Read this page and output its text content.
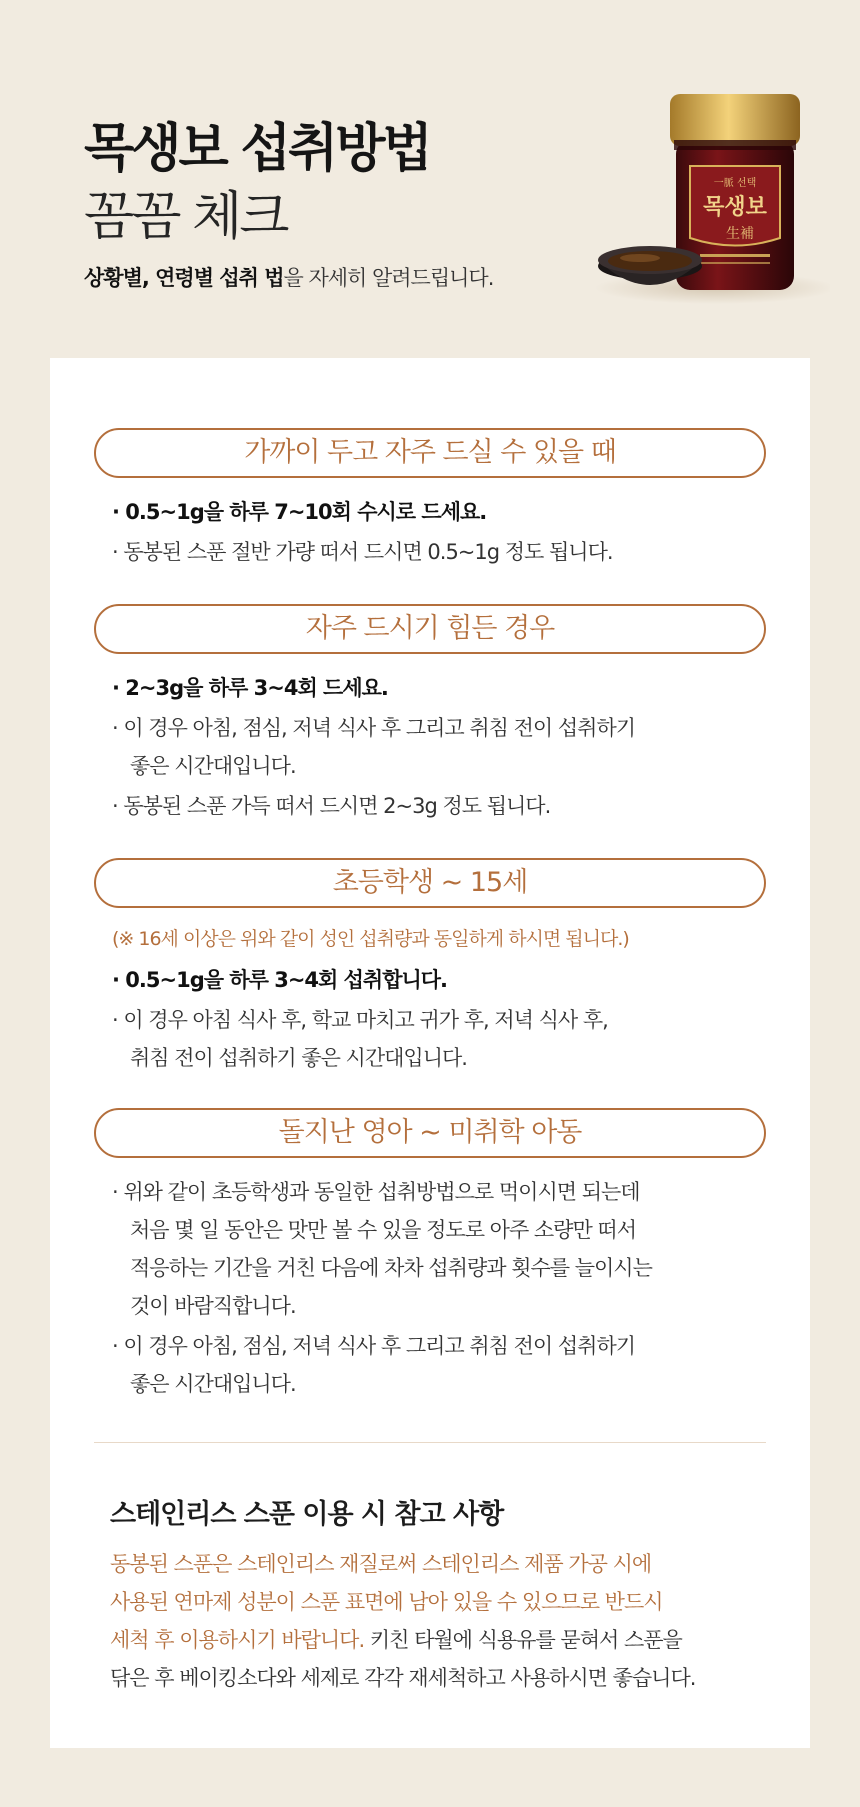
목생보 섭취방법
꼼꼼 체크
상황별, 연령별 섭취 법을 자세히 알려드립니다.
一脈 선택
목생보
生補
가까이 두고 자주 드실 수 있을 때
· 0.5~1g을 하루 7~10회 수시로 드세요.
· 동봉된 스푼 절반 가량 떠서 드시면 0.5~1g 정도 됩니다.
자주 드시기 힘든 경우
· 2~3g을 하루 3~4회 드세요.
· 이 경우 아침, 점심, 저녁 식사 후 그리고 취침 전이 섭취하기
좋은 시간대입니다.
· 동봉된 스푼 가득 떠서 드시면 2~3g 정도 됩니다.
초등학생 ~ 15세
(※ 16세 이상은 위와 같이 성인 섭취량과 동일하게 하시면 됩니다.)
· 0.5~1g을 하루 3~4회 섭취합니다.
· 이 경우 아침 식사 후, 학교 마치고 귀가 후, 저녁 식사 후,
취침 전이 섭취하기 좋은 시간대입니다.
돌지난 영아 ~ 미취학 아동
· 위와 같이 초등학생과 동일한 섭취방법으로 먹이시면 되는데
처음 몇 일 동안은 맛만 볼 수 있을 정도로 아주 소량만 떠서
적응하는 기간을 거친 다음에 차차 섭취량과 횟수를 늘이시는
것이 바람직합니다.
· 이 경우 아침, 점심, 저녁 식사 후 그리고 취침 전이 섭취하기
좋은 시간대입니다.
스테인리스 스푼 이용 시 참고 사항
동봉된 스푼은 스테인리스 재질로써 스테인리스 제품 가공 시에
사용된 연마제 성분이 스푼 표면에 남아 있을 수 있으므로 반드시
세척 후 이용하시기 바랍니다. 키친 타월에 식용유를 묻혀서 스푼을
닦은 후 베이킹소다와 세제로 각각 재세척하고 사용하시면 좋습니다.
